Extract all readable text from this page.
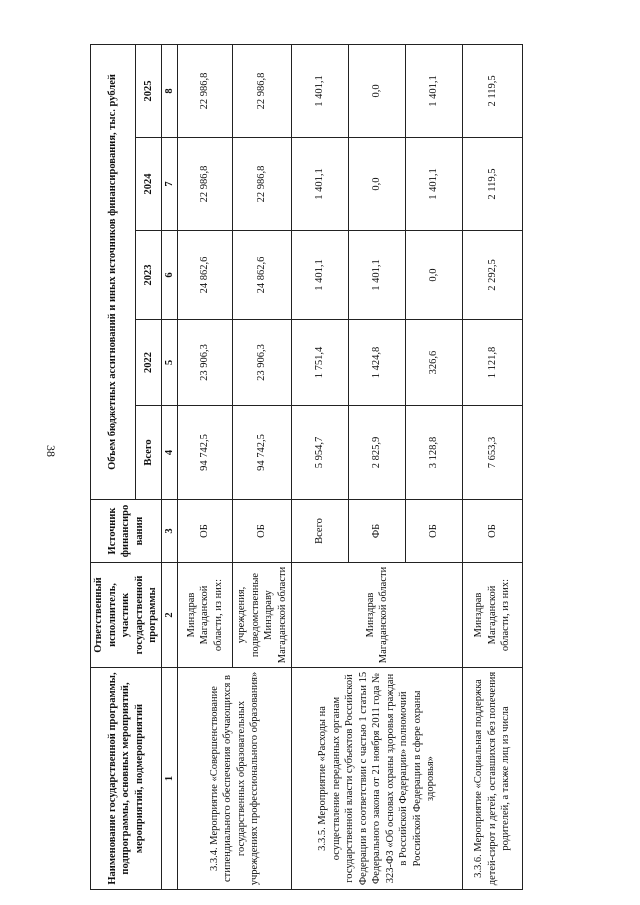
38
Наименование государственной программы, подпрограммы, основных мероприятий, мероприятий, подмероприятий	Ответственный исполнитель, участник государственной программы	Источник финансиро вания	Объем бюджетных ассигнований и иных источников финансирования, тыс. рублей				
			Всего	2022	2023	2024	2025
1	2	3	4	5	6	7	8
3.3.4. Мероприятие «Совершенствование стипендиального обеспечения обучающихся в государственных образовательных учреждениях профессионального образования»	Минздрав Магаданской области, из них:	ОБ	94 742,5	23 906,3	24 862,6	22 986,8	22 986,8
	учреждения, подведомственные Минздраву Магаданской области	ОБ	94 742,5	23 906,3	24 862,6	22 986,8	22 986,8
3.3.5. Мероприятие «Расходы на осуществление переданных органам государственной власти субъектов Российской Федерации в соответствии с частью 1 статьи 15 Федерального закона от 21 ноября 2011 года № 323-ФЗ «Об основах охраны здоровья граждан в Российской Федерации» полномочий Российской Федерации в сфере охраны здоровья»	Минздрав Магаданской области	Всего	5 954,7	1 751,4	1 401,1	1 401,1	1 401,1
		ФБ	2 825,9	1 424,8	1 401,1	0,0	0,0
		ОБ	3 128,8	326,6	0,0	1 401,1	1 401,1
3.3.6. Мероприятие «Социальная поддержка детей-сирот и детей, оставшихся без попечения родителей, а также лиц из числа	Минздрав Магаданской области, из них:	ОБ	7 653,3	1 121,8	2 292,5	2 119,5	2 119,5
